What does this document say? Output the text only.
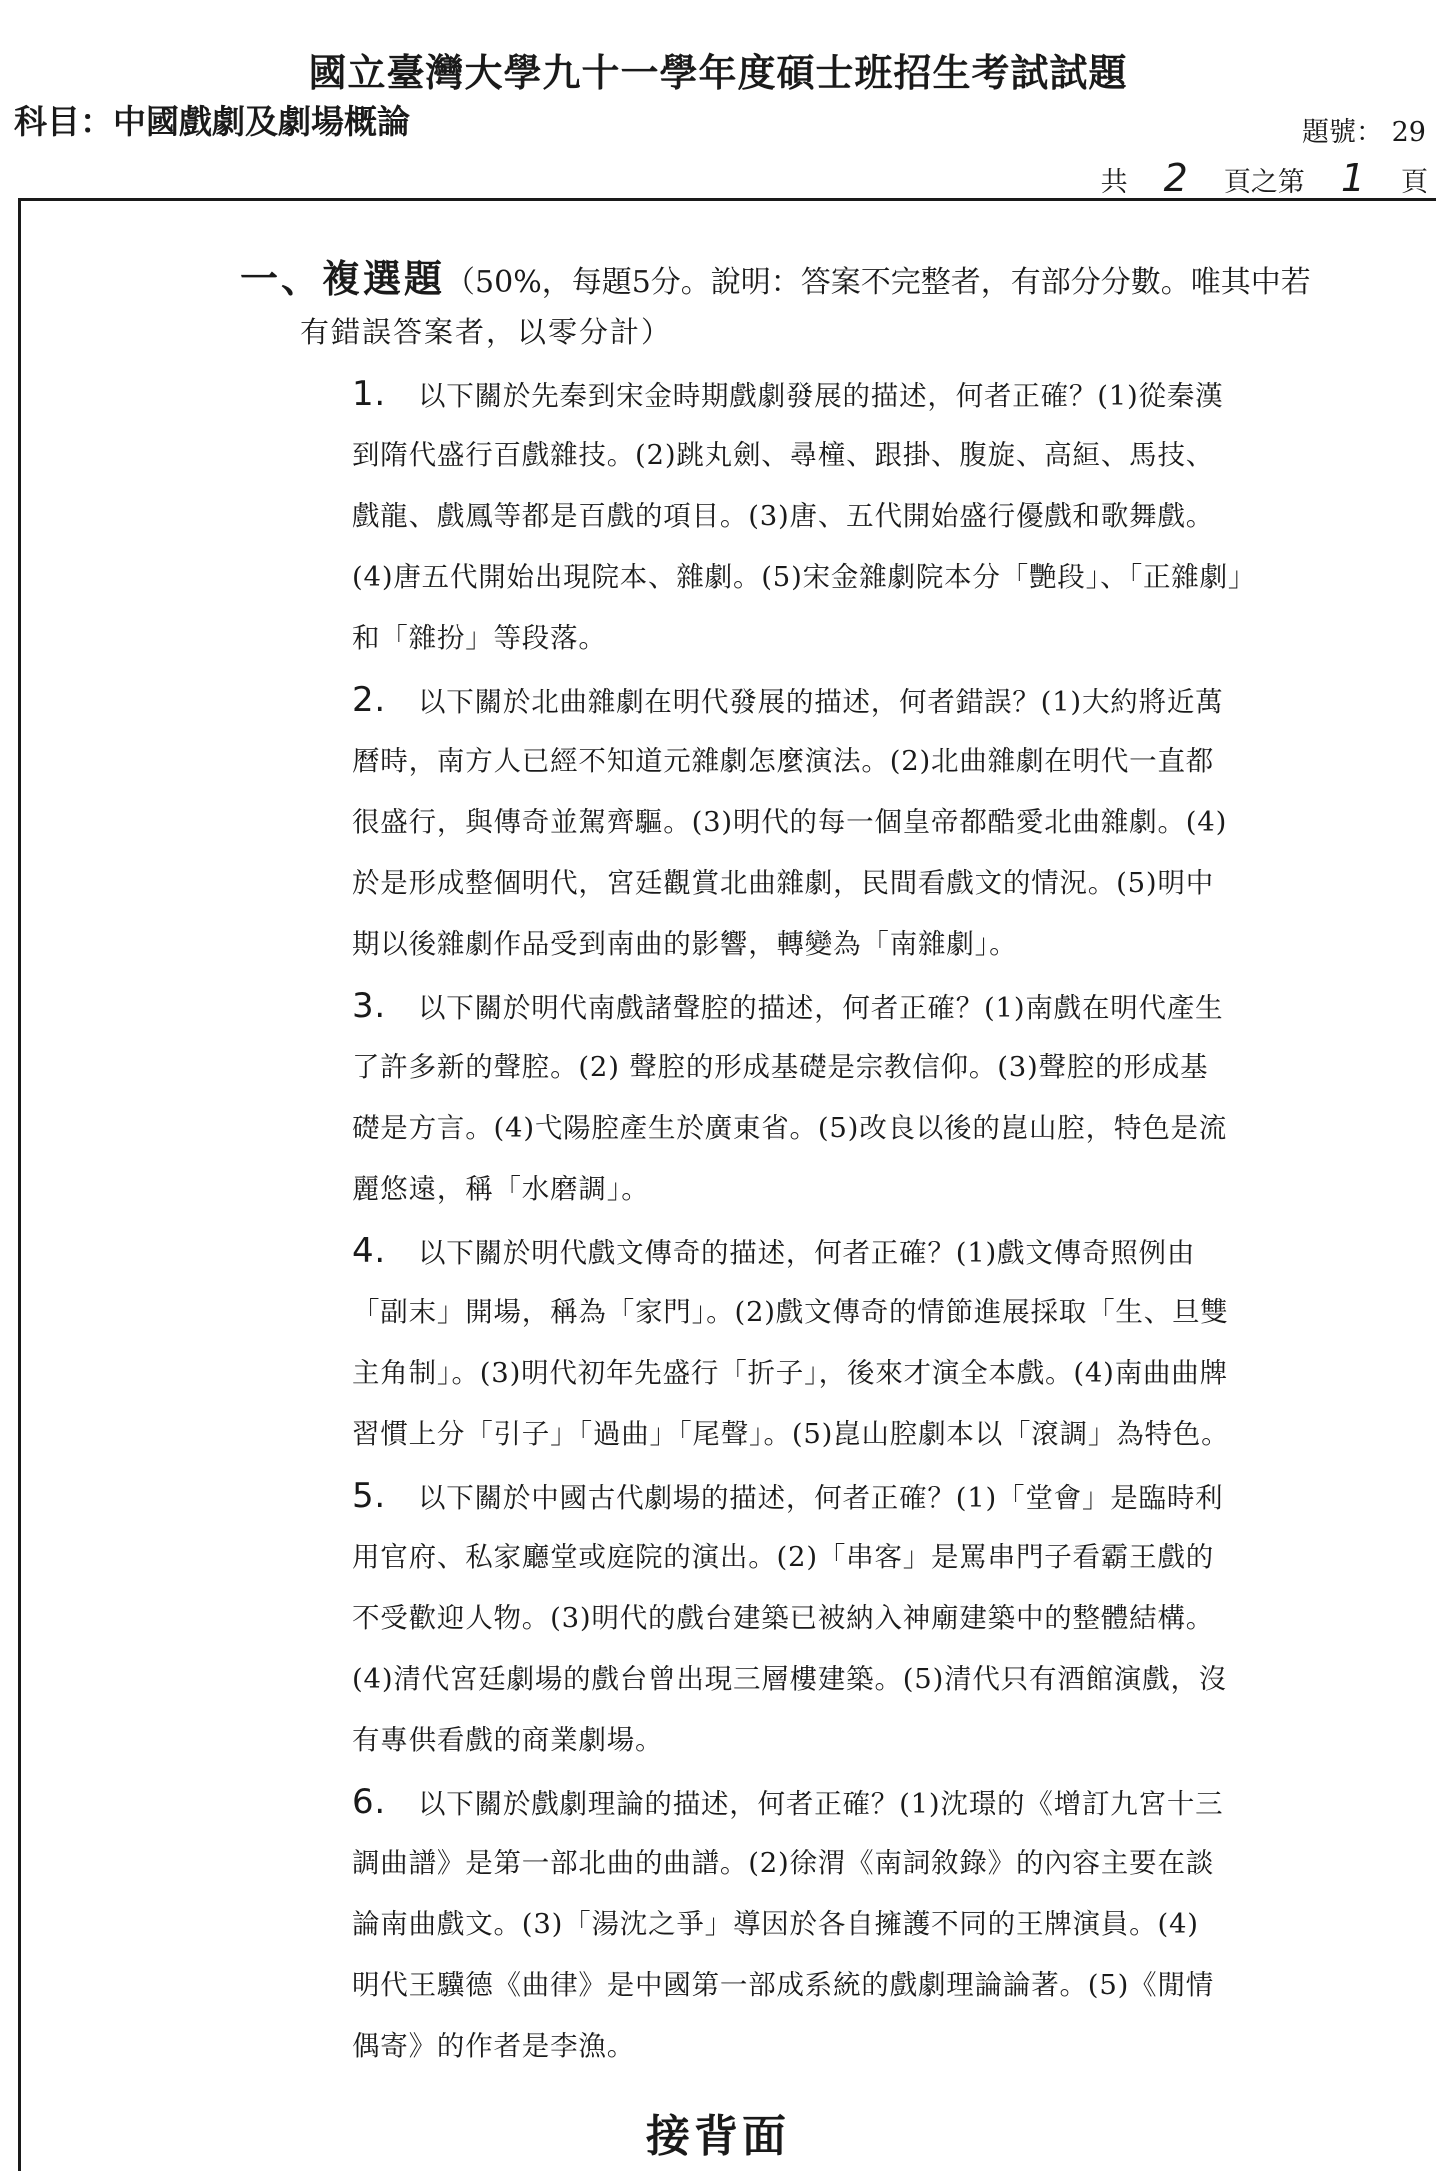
國立臺灣大學九十一學年度碩士班招生考試試題
科目：中國戲劇及劇場概論	題號： 29
共 2	頁之第 1	頁
一、複選題（50%，每題5分。說明：答案不完整者，有部分分數。唯其中若
有錯誤答案者，以零分計）
1. 以下關於先秦到宋金時期戲劇發展的描述，何者正確？(1)從秦漢
到隋代盛行百戲雜技。(2)跳丸劍、尋橦、跟掛、腹旋、高絙、馬技、
戲龍、戲鳳等都是百戲的項目。(3)唐、五代開始盛行優戲和歌舞戲。
(4)唐五代開始出現院本、雜劇。(5)宋金雜劇院本分「艷段」、「正雜劇」
和「雜扮」等段落。
2. 以下關於北曲雜劇在明代發展的描述，何者錯誤？(1)大約將近萬
曆時，南方人已經不知道元雜劇怎麼演法。(2)北曲雜劇在明代一直都
很盛行，與傳奇並駕齊驅。(3)明代的每一個皇帝都酷愛北曲雜劇。(4)
於是形成整個明代，宮廷觀賞北曲雜劇，民間看戲文的情況。(5)明中
期以後雜劇作品受到南曲的影響，轉變為「南雜劇」。
3. 以下關於明代南戲諸聲腔的描述，何者正確？(1)南戲在明代產生
了許多新的聲腔。(2) 聲腔的形成基礎是宗教信仰。(3)聲腔的形成基
礎是方言。(4)弋陽腔產生於廣東省。(5)改良以後的崑山腔，特色是流
麗悠遠，稱「水磨調」。
4. 以下關於明代戲文傳奇的描述，何者正確？(1)戲文傳奇照例由
「副末」開場，稱為「家門」。(2)戲文傳奇的情節進展採取「生、旦雙
主角制」。(3)明代初年先盛行「折子」，後來才演全本戲。(4)南曲曲牌
習慣上分「引子」「過曲」「尾聲」。(5)崑山腔劇本以「滾調」為特色。
5. 以下關於中國古代劇場的描述，何者正確？(1)「堂會」是臨時利
用官府、私家廳堂或庭院的演出。(2)「串客」是罵串門子看霸王戲的
不受歡迎人物。(3)明代的戲台建築已被納入神廟建築中的整體結構。
(4)清代宮廷劇場的戲台曾出現三層樓建築。(5)清代只有酒館演戲，沒
有專供看戲的商業劇場。
6. 以下關於戲劇理論的描述，何者正確？(1)沈璟的《增訂九宮十三
調曲譜》是第一部北曲的曲譜。(2)徐渭《南詞敘錄》的內容主要在談
論南曲戲文。(3)「湯沈之爭」導因於各自擁護不同的王牌演員。(4)
明代王驥德《曲律》是中國第一部成系統的戲劇理論論著。(5)《閒情
偶寄》的作者是李漁。
接背面
